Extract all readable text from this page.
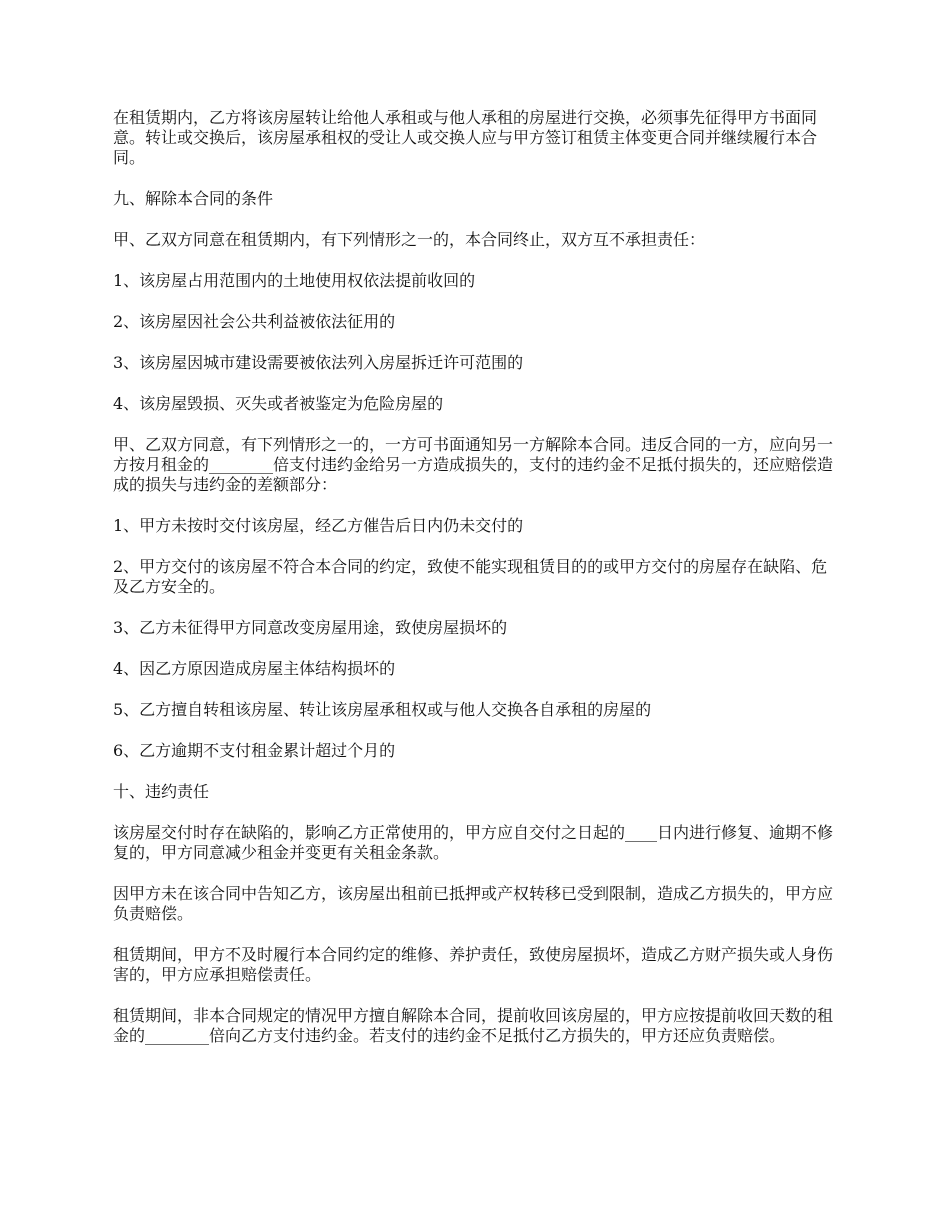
在租赁期内，乙方将该房屋转让给他人承租或与他人承租的房屋进行交换，必须事先征得甲方书面同意。转让或交换后，该房屋承租权的受让人或交换人应与甲方签订租赁主体变更合同并继续履行本合同。

九、解除本合同的条件

甲、乙双方同意在租赁期内，有下列情形之一的，本合同终止，双方互不承担责任：

1、该房屋占用范围内的土地使用权依法提前收回的

2、该房屋因社会公共利益被依法征用的

3、该房屋因城市建设需要被依法列入房屋拆迁许可范围的

4、该房屋毁损、灭失或者被鉴定为危险房屋的

甲、乙双方同意，有下列情形之一的，一方可书面通知另一方解除本合同。违反合同的一方，应向另一方按月租金的________倍支付违约金给另一方造成损失的，支付的违约金不足抵付损失的，还应赔偿造成的损失与违约金的差额部分：

1、甲方未按时交付该房屋，经乙方催告后日内仍未交付的

2、甲方交付的该房屋不符合本合同的约定，致使不能实现租赁目的的或甲方交付的房屋存在缺陷、危及乙方安全的。

3、乙方未征得甲方同意改变房屋用途，致使房屋损坏的

4、因乙方原因造成房屋主体结构损坏的

5、乙方擅自转租该房屋、转让该房屋承租权或与他人交换各自承租的房屋的

6、乙方逾期不支付租金累计超过个月的

十、违约责任

该房屋交付时存在缺陷的，影响乙方正常使用的，甲方应自交付之日起的____日内进行修复、逾期不修复的，甲方同意减少租金并变更有关租金条款。

因甲方未在该合同中告知乙方，该房屋出租前已抵押或产权转移已受到限制，造成乙方损失的，甲方应负责赔偿。

租赁期间，甲方不及时履行本合同约定的维修、养护责任，致使房屋损坏，造成乙方财产损失或人身伤害的，甲方应承担赔偿责任。

租赁期间，非本合同规定的情况甲方擅自解除本合同，提前收回该房屋的，甲方应按提前收回天数的租金的________倍向乙方支付违约金。若支付的违约金不足抵付乙方损失的，甲方还应负责赔偿。
